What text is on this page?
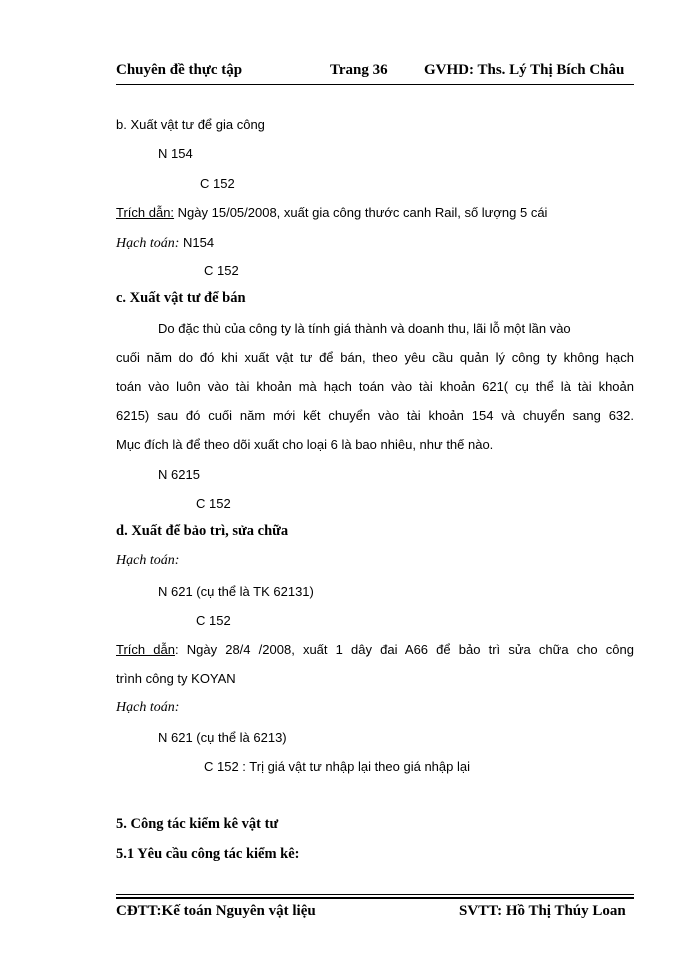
Chuyên đề thực tập	Trang 36 GVHD: Ths. Lý Thị Bích Châu
b. Xuất vật tư để gia công
N 154
C 152
Trích dẫn: Ngày 15/05/2008, xuất gia công thước canh Rail, số lượng 5 cái
Hạch toán: N154
C 152
c. Xuất vật tư để bán
Do đặc thù của công ty là tính giá thành và doanh thu, lãi lỗ một lần vào
cuối năm do đó khi xuất vật tư để bán, theo yêu cầu quản lý công ty không hạch
toán vào luôn vào tài khoản mà hạch toán vào tài khoản 621( cụ thể là tài khoản
6215) sau đó cuối năm mới kết chuyển vào tài khoản 154 và chuyển sang 632.
Mục đích là để theo dõi xuất cho loại 6 là bao nhiêu, như thế nào.
N 6215
C 152
d. Xuất để bảo trì, sửa chữa
Hạch toán:
N 621 (cụ thể là TK 62131)
C 152
Trích dẫn: Ngày 28/4 /2008, xuất 1 dây đai A66 để bảo trì sửa chữa cho công
trình công ty KOYAN
Hạch toán:
N 621 (cụ thể là 6213)
C 152 : Trị giá vật tư nhập lại theo giá nhập lại
5. Công tác kiểm kê vật tư
5.1 Yêu cầu công tác kiểm kê:
CĐTT:Kế toán Nguyên vật liệu	SVTT: Hồ Thị Thúy Loan
